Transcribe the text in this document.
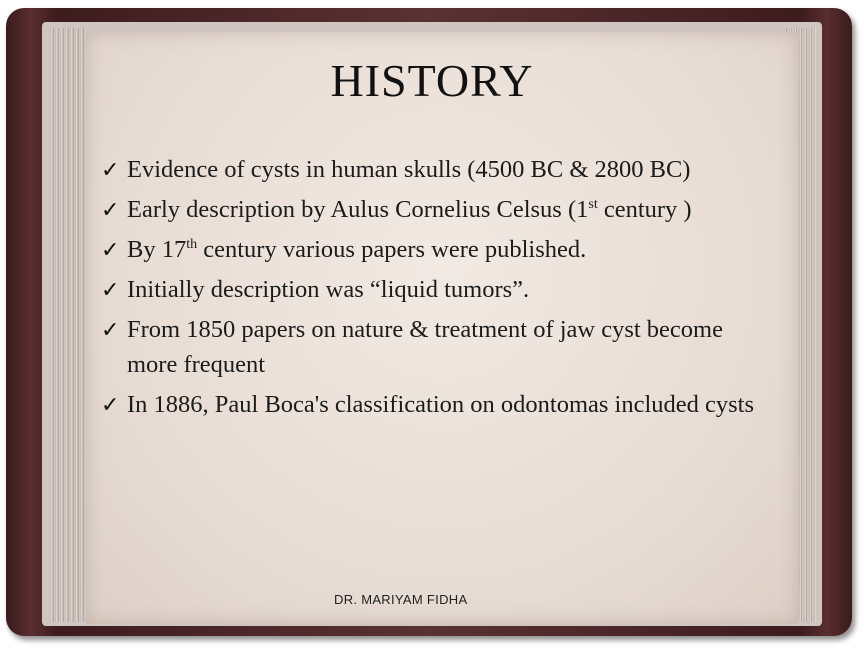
HISTORY
✓ Evidence of cysts in human skulls (4500 BC & 2800 BC)
✓ Early description by Aulus Cornelius Celsus (1st century )
✓ By 17th century various papers were published.
✓ Initially description was “liquid tumors”.
✓ From 1850 papers on nature & treatment of jaw cyst become more frequent
✓ In 1886, Paul Boca's classification on odontomas included cysts
DR. MARIYAM FIDHA
